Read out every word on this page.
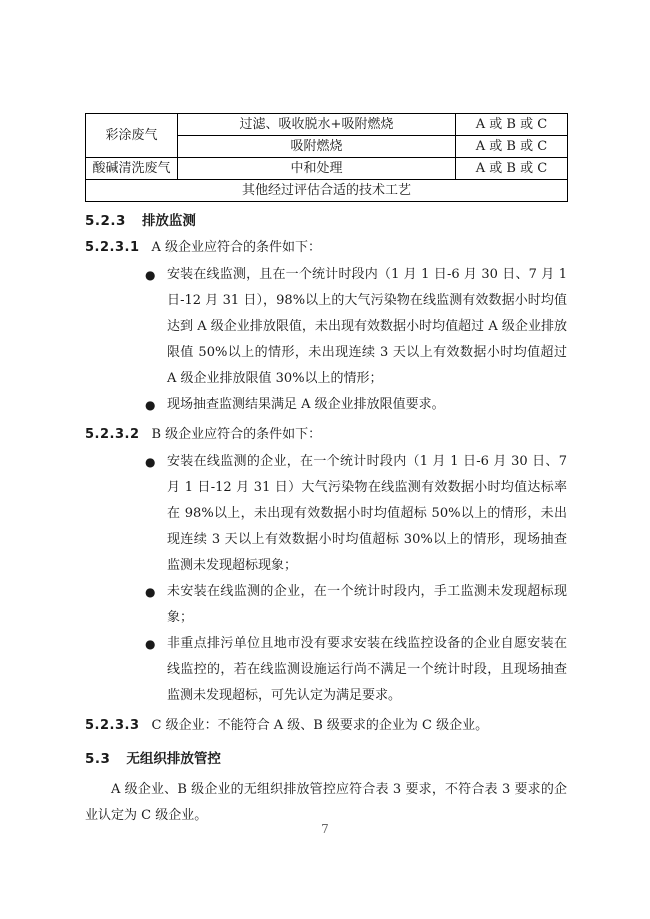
彩涂废气	过滤、吸收脱水+吸附燃烧	A 或 B 或 C
	吸附燃烧	A 或 B 或 C
酸碱清洗废气	中和处理	A 或 B 或 C
其他经过评估合适的技术工艺		
5.2.3 排放监测
5.2.3.1 A 级企业应符合的条件如下：
● 安装在线监测，且在一个统计时段内（1 月 1 日-6 月 30 日、7 月 1 日-12 月 31 日），98%以上的大气污染物在线监测有效数据小时均值达到 A 级企业排放限值，未出现有效数据小时均值超过 A 级企业排放限值 50%以上的情形，未出现连续 3 天以上有效数据小时均值超过 A 级企业排放限值 30%以上的情形；
● 现场抽查监测结果满足 A 级企业排放限值要求。
5.2.3.2 B 级企业应符合的条件如下：
● 安装在线监测的企业，在一个统计时段内（1 月 1 日-6 月 30 日、7 月 1 日-12 月 31 日）大气污染物在线监测有效数据小时均值达标率在 98%以上，未出现有效数据小时均值超标 50%以上的情形，未出现连续 3 天以上有效数据小时均值超标 30%以上的情形，现场抽查监测未发现超标现象；
● 未安装在线监测的企业，在一个统计时段内，手工监测未发现超标现象；
● 非重点排污单位且地市没有要求安装在线监控设备的企业自愿安装在线监控的，若在线监测设施运行尚不满足一个统计时段，且现场抽查监测未发现超标，可先认定为满足要求。
5.2.3.3 C 级企业：不能符合 A 级、B 级要求的企业为 C 级企业。
5.3 无组织排放管控
A 级企业、B 级企业的无组织排放管控应符合表 3 要求，不符合表 3 要求的企业认定为 C 级企业。
7
